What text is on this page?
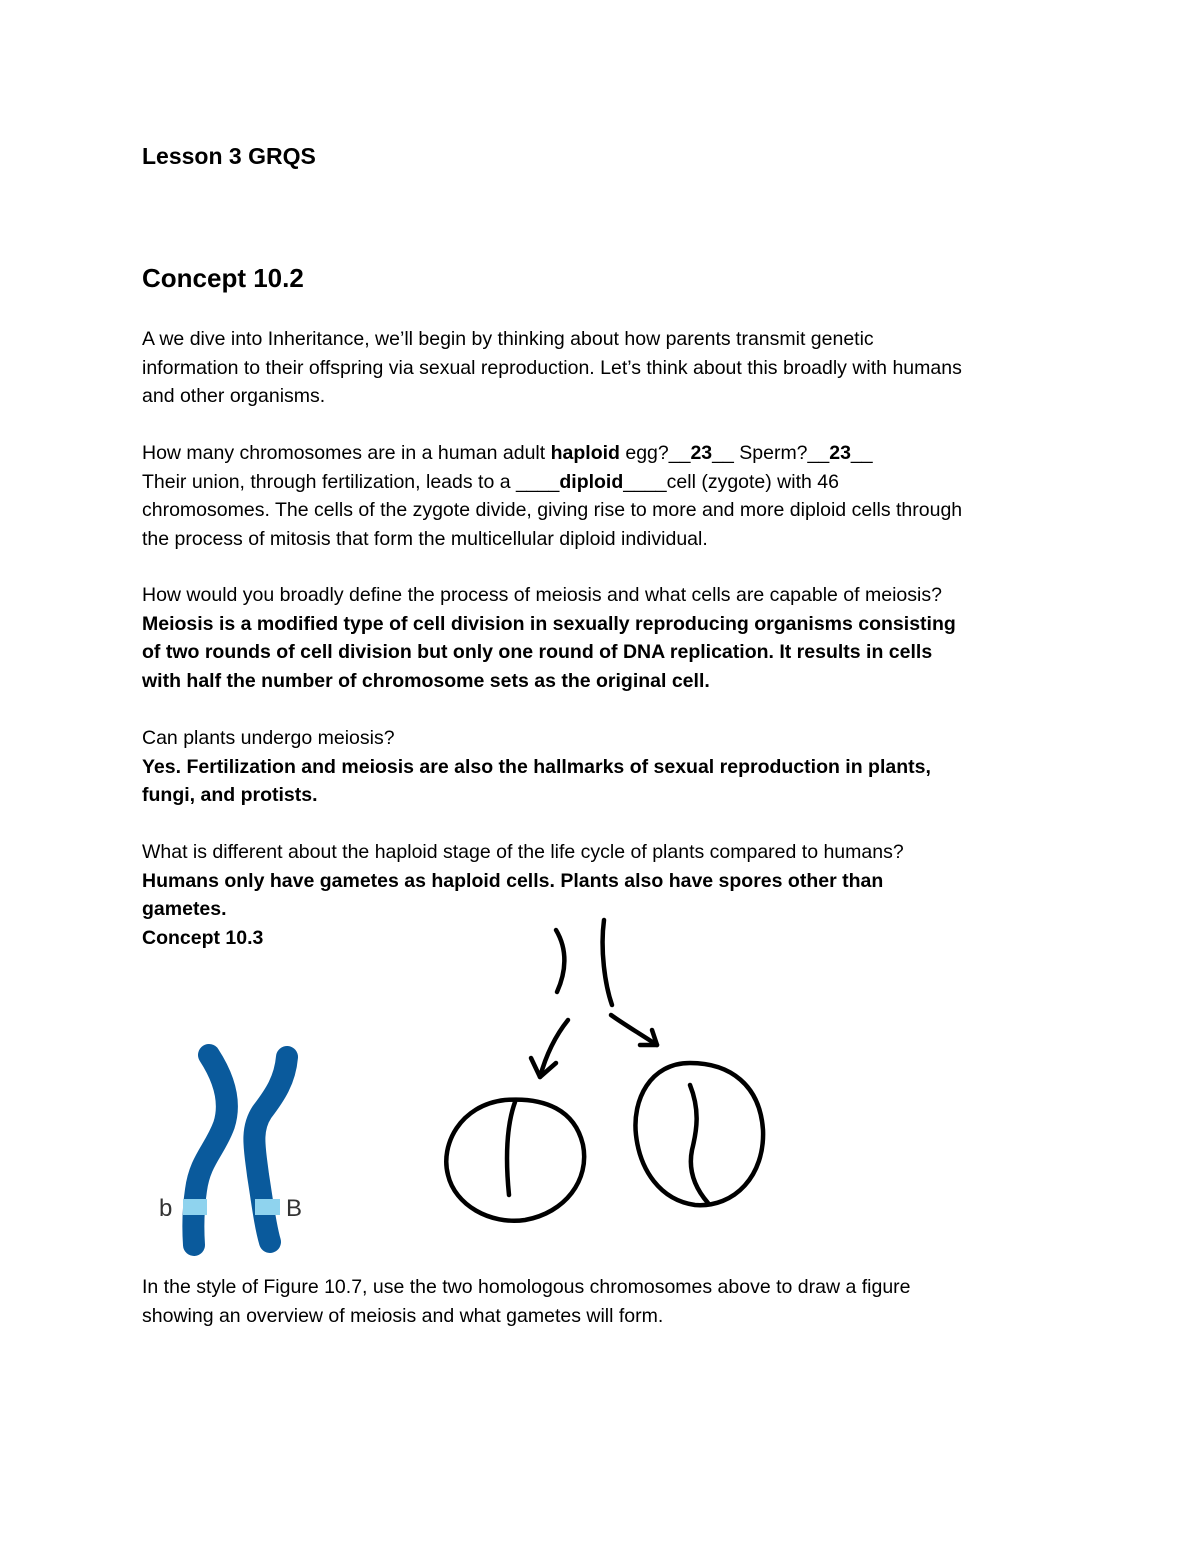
Lesson 3 GRQS
Concept 10.2
A we dive into Inheritance, we’ll begin by thinking about how parents transmit genetic
information to their offspring via sexual reproduction. Let’s think about this broadly with humans
and other organisms.
How many chromosomes are in a human adult haploid egg?__23__ Sperm?__23__
Their union, through fertilization, leads to a ____diploid____cell (zygote) with 46
chromosomes. The cells of the zygote divide, giving rise to more and more diploid cells through
the process of mitosis that form the multicellular diploid individual.
How would you broadly define the process of meiosis and what cells are capable of meiosis?
Meiosis is a modified type of cell division in sexually reproducing organisms consisting
of two rounds of cell division but only one round of DNA replication. It results in cells
with half the number of chromosome sets as the original cell.
Can plants undergo meiosis?
Yes. Fertilization and meiosis are also the hallmarks of sexual reproduction in plants,
fungi, and protists.
What is different about the haploid stage of the life cycle of plants compared to humans?
Humans only have gametes as haploid cells. Plants also have spores other than
gametes.
Concept 10.3
b	B
In the style of Figure 10.7, use the two homologous chromosomes above to draw a figure
showing an overview of meiosis and what gametes will form.
